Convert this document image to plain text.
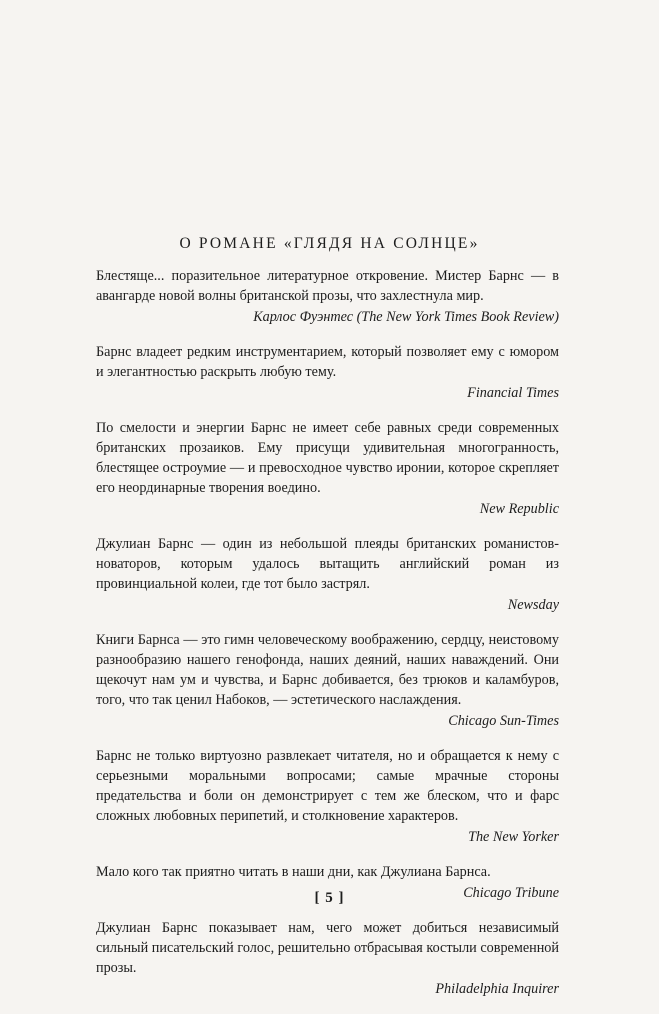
О РОМАНЕ «ГЛЯДЯ НА СОЛНЦЕ»

Блестяще... поразительное литературное откровение. Мистер Барнс — в авангарде новой волны британской прозы, что захлестнула мир.

Карлос Фуэнтес (The New York Times Book Review)

Барнс владеет редким инструментарием, который позволяет ему с юмором и элегантностью раскрыть любую тему.

Financial Times

По смелости и энергии Барнс не имеет себе равных среди современных британских прозаиков. Ему присущи удивительная многогранность, блестящее остроумие — и превосходное чувство иронии, которое скрепляет его неординарные творения воедино.

New Republic

Джулиан Барнс — один из небольшой плеяды британских романистов-новаторов, которым удалось вытащить английский роман из провинциальной колеи, где тот было застрял.

Newsday

Книги Барнса — это гимн человеческому воображению, сердцу, неистовому разнообразию нашего генофонда, наших деяний, наших наваждений. Они щекочут нам ум и чувства, и Барнс добивается, без трюков и каламбуров, того, что так ценил Набоков, — эстетического наслаждения.

Chicago Sun-Times

Барнс не только виртуозно развлекает читателя, но и обращается к нему с серьезными моральными вопросами; самые мрачные стороны предательства и боли он демонстрирует с тем же блеском, что и фарс сложных любовных перипетий, и столкновение характеров.

The New Yorker

Мало кого так приятно читать в наши дни, как Джулиана Барнса.

Chicago Tribune

Джулиан Барнс показывает нам, чего может добиться независимый сильный писательский голос, решительно отбрасывая костыли современной прозы.

Philadelphia Inquirer
[ 5 ]
